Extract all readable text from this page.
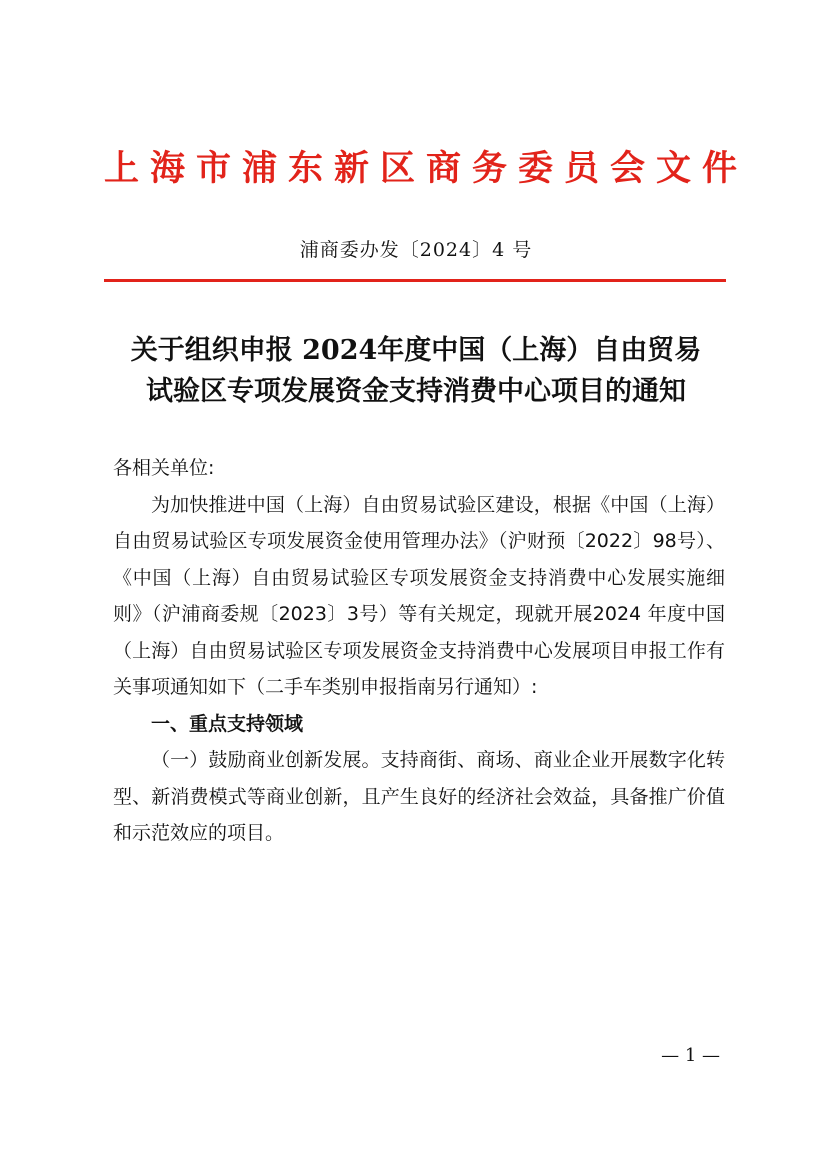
上海市浦东新区商务委员会文件
浦商委办发〔2024〕4 号
关于组织申报 2024年度中国（上海）自由贸易
试验区专项发展资金支持消费中心项目的通知

各相关单位:

为加快推进中国（上海）自由贸易试验区建设，根据《中国（上海）自由贸易试验区专项发展资金使用管理办法》（沪财预〔2022〕98号）、《中国（上海）自由贸易试验区专项发展资金支持消费中心发展实施细则》（沪浦商委规〔2023〕3号）等有关规定，现就开展2024 年度中国（上海）自由贸易试验区专项发展资金支持消费中心发展项目申报工作有关事项通知如下（二手车类别申报指南另行通知）:

一、重点支持领域

（一）鼓励商业创新发展。支持商街、商场、商业企业开展数字化转型、新消费模式等商业创新，且产生良好的经济社会效益，具备推广价值和示范效应的项目。

— 1 —
